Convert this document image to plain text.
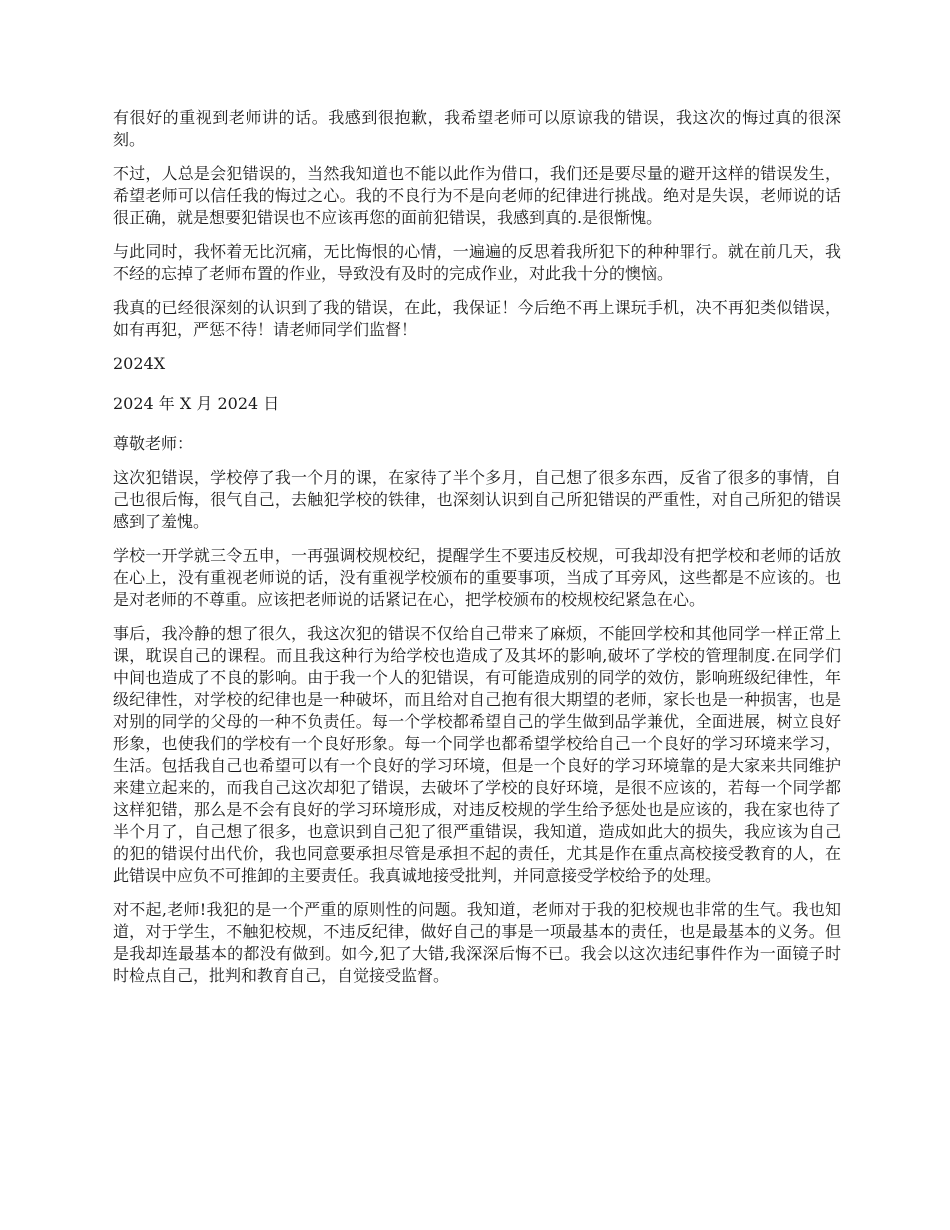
有很好的重视到老师讲的话。我感到很抱歉，我希望老师可以原谅我的错误，我这次的悔过真的很深刻。

不过，人总是会犯错误的，当然我知道也不能以此作为借口，我们还是要尽量的避开这样的错误发生，希望老师可以信任我的悔过之心。我的不良行为不是向老师的纪律进行挑战。绝对是失误，老师说的话很正确，就是想要犯错误也不应该再您的面前犯错误，我感到真的.是很惭愧。

与此同时，我怀着无比沉痛，无比悔恨的心情，一遍遍的反思着我所犯下的种种罪行。就在前几天，我不经的忘掉了老师布置的作业，导致没有及时的完成作业，对此我十分的懊恼。

我真的已经很深刻的认识到了我的错误，在此，我保证！今后绝不再上课玩手机，决不再犯类似错误，如有再犯，严惩不待！请老师同学们监督！

2024X

2024 年 X 月 2024 日

尊敬老师：

这次犯错误，学校停了我一个月的课，在家待了半个多月，自己想了很多东西，反省了很多的事情，自己也很后悔，很气自己，去触犯学校的铁律，也深刻认识到自己所犯错误的严重性，对自己所犯的错误感到了羞愧。

学校一开学就三令五申，一再强调校规校纪，提醒学生不要违反校规，可我却没有把学校和老师的话放在心上，没有重视老师说的话，没有重视学校颁布的重要事项，当成了耳旁风，这些都是不应该的。也是对老师的不尊重。应该把老师说的话紧记在心，把学校颁布的校规校纪紧急在心。

事后，我冷静的想了很久，我这次犯的错误不仅给自己带来了麻烦，不能回学校和其他同学一样正常上课，耽误自己的课程。而且我这种行为给学校也造成了及其坏的影响,破坏了学校的管理制度.在同学们中间也造成了不良的影响。由于我一个人的犯错误，有可能造成别的同学的效仿，影响班级纪律性，年级纪律性，对学校的纪律也是一种破坏，而且给对自己抱有很大期望的老师，家长也是一种损害，也是对别的同学的父母的一种不负责任。每一个学校都希望自己的学生做到品学兼优，全面进展，树立良好形象，也使我们的学校有一个良好形象。每一个同学也都希望学校给自己一个良好的学习环境来学习，生活。包括我自己也希望可以有一个良好的学习环境，但是一个良好的学习环境靠的是大家来共同维护来建立起来的，而我自己这次却犯了错误，去破坏了学校的良好环境，是很不应该的，若每一个同学都这样犯错，那么是不会有良好的学习环境形成，对违反校规的学生给予惩处也是应该的，我在家也待了半个月了，自己想了很多，也意识到自己犯了很严重错误，我知道，造成如此大的损失，我应该为自己的犯的错误付出代价，我也同意要承担尽管是承担不起的责任，尤其是作在重点高校接受教育的人，在此错误中应负不可推卸的主要责任。我真诚地接受批判，并同意接受学校给予的处理。

对不起,老师!我犯的是一个严重的原则性的问题。我知道，老师对于我的犯校规也非常的生气。我也知道，对于学生，不触犯校规，不违反纪律，做好自己的事是一项最基本的责任，也是最基本的义务。但是我却连最基本的都没有做到。如今,犯了大错,我深深后悔不已。我会以这次违纪事件作为一面镜子时时检点自己，批判和教育自己，自觉接受监督。
